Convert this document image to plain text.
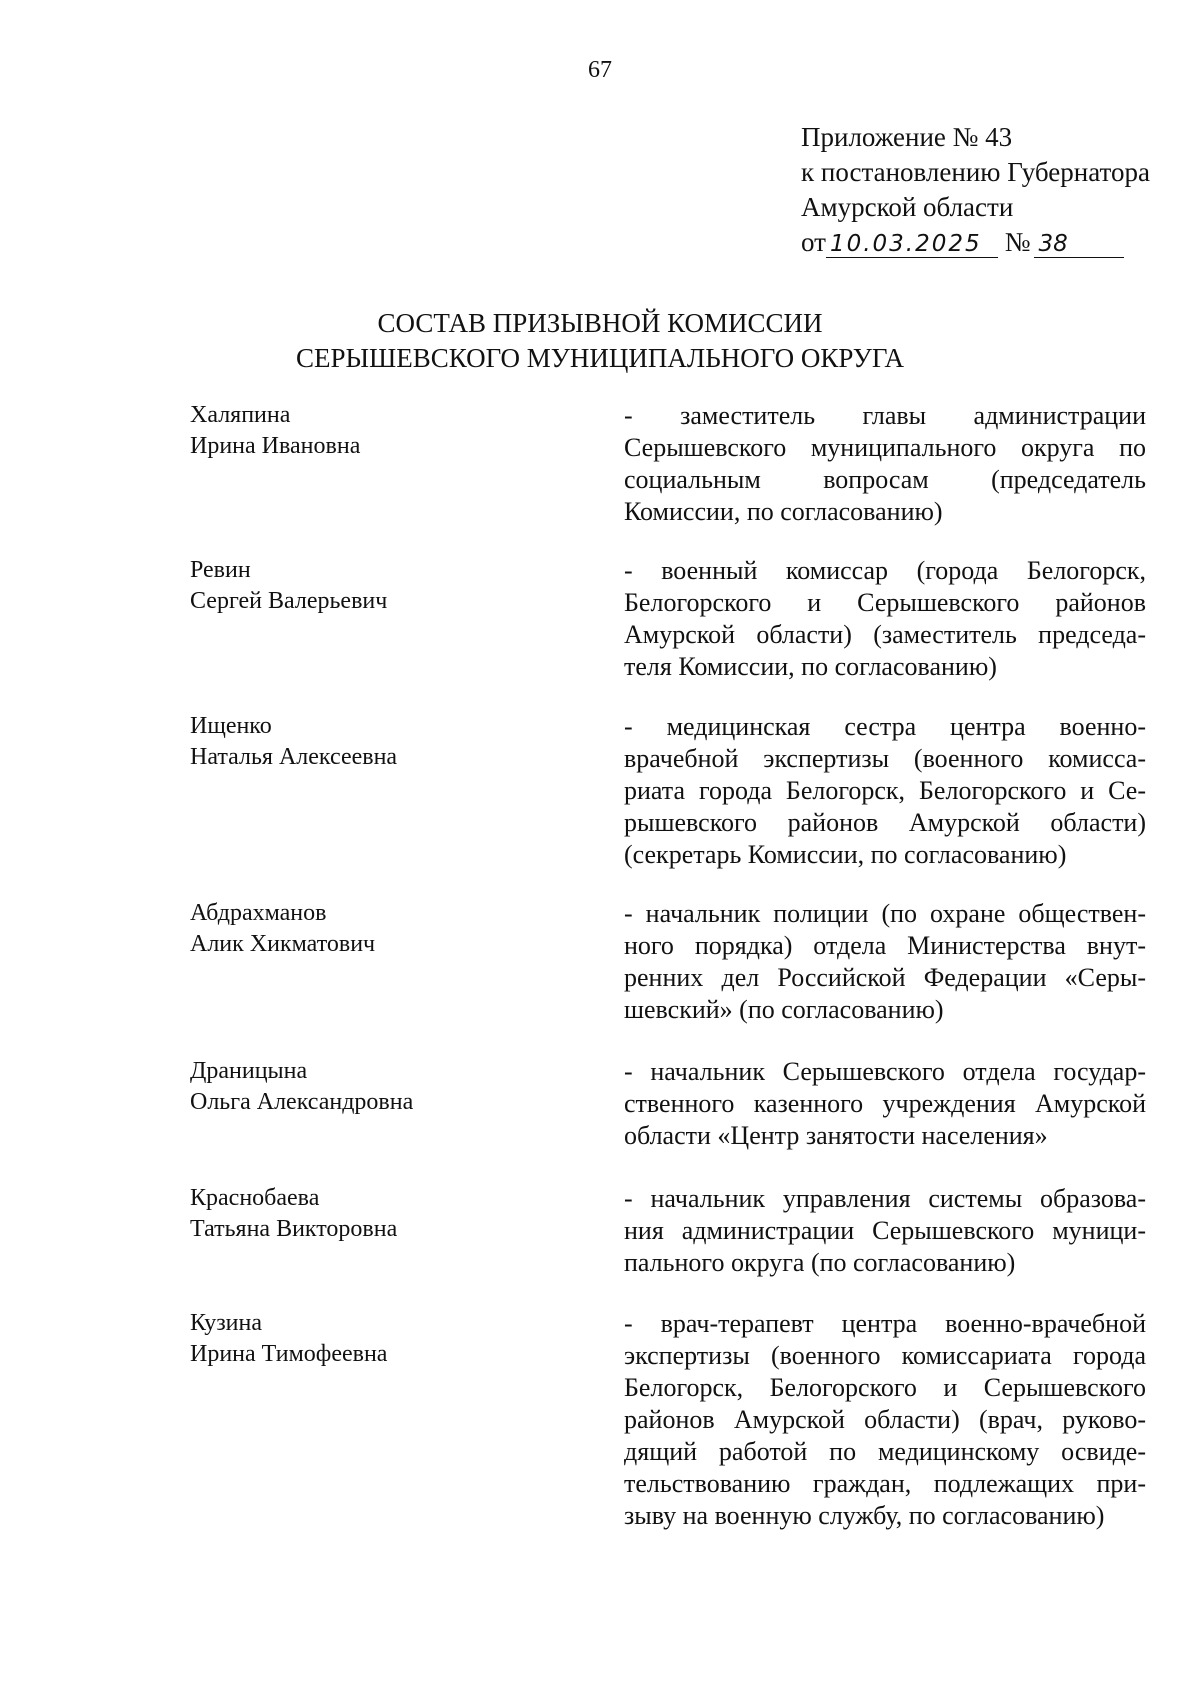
67
Приложение № 43
к постановлению Губернатора
Амурской области
от 10.03.2025 № 38
СОСТАВ ПРИЗЫВНОЙ КОМИССИИ
СЕРЫШЕВСКОГО МУНИЦИПАЛЬНОГО ОКРУГА
Халяпина
Ирина Ивановна
- заместитель главы администрации
Серышевского муниципального округа по
социальным вопросам (председатель
Комиссии, по согласованию)
Ревин
Сергей Валерьевич
- военный комиссар (города Белогорск,
Белогорского и Серышевского районов
Амурской области) (заместитель председа-
теля Комиссии, по согласованию)
Ищенко
Наталья Алексеевна
- медицинская сестра центра военно-
врачебной экспертизы (военного комисса-
риата города Белогорск, Белогорского и Се-
рышевского районов Амурской области)
(секретарь Комиссии, по согласованию)
Абдрахманов
Алик Хикматович
- начальник полиции (по охране обществен-
ного порядка) отдела Министерства внут-
ренних дел Российской Федерации «Серы-
шевский» (по согласованию)
Драницына
Ольга Александровна
- начальник Серышевского отдела государ-
ственного казенного учреждения Амурской
области «Центр занятости населения»
Краснобаева
Татьяна Викторовна
- начальник управления системы образова-
ния администрации Серышевского муници-
пального округа (по согласованию)
Кузина
Ирина Тимофеевна
- врач-терапевт центра военно-врачебной
экспертизы (военного комиссариата города
Белогорск, Белогорского и Серышевского
районов Амурской области) (врач, руково-
дящий работой по медицинскому освиде-
тельствованию граждан, подлежащих при-
зыву на военную службу, по согласованию)
